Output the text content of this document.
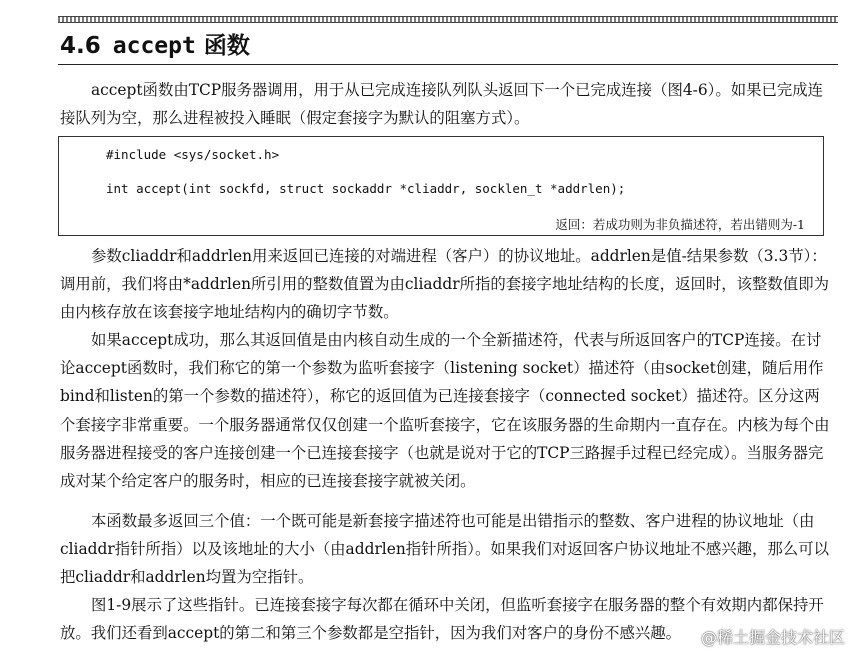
4.6 accept 函数

accept函数由TCP服务器调用，用于从已完成连接队列队头返回下一个已完成连接（图4-6）。如果已完成连接队列为空，那么进程被投入睡眠（假定套接字为默认的阻塞方式）。

#include <sys/socket.h>
int accept(int sockfd, struct sockaddr *cliaddr, socklen_t *addrlen);
返回：若成功则为非负描述符，若出错则为-1

参数cliaddr和addrlen用来返回已连接的对端进程（客户）的协议地址。addrlen是值-结果参数（3.3节）：调用前，我们将由*addrlen所引用的整数值置为由cliaddr所指的套接字地址结构的长度，返回时，该整数值即为由内核存放在该套接字地址结构内的确切字节数。

如果accept成功，那么其返回值是由内核自动生成的一个全新描述符，代表与所返回客户的TCP连接。在讨论accept函数时，我们称它的第一个参数为监听套接字（listening socket）描述符（由socket创建，随后用作bind和listen的第一个参数的描述符），称它的返回值为已连接套接字（connected socket）描述符。区分这两个套接字非常重要。一个服务器通常仅仅创建一个监听套接字，它在该服务器的生命期内一直存在。内核为每个由服务器进程接受的客户连接创建一个已连接套接字（也就是说对于它的TCP三路握手过程已经完成）。当服务器完成对某个给定客户的服务时，相应的已连接套接字就被关闭。

本函数最多返回三个值：一个既可能是新套接字描述符也可能是出错指示的整数、客户进程的协议地址（由cliaddr指针所指）以及该地址的大小（由addrlen指针所指）。如果我们对返回客户协议地址不感兴趣，那么可以把cliaddr和addrlen均置为空指针。

图1-9展示了这些指针。已连接套接字每次都在循环中关闭，但监听套接字在服务器的整个有效期内都保持开放。我们还看到accept的第二和第三个参数都是空指针，因为我们对客户的身份不感兴趣。	@稀土掘金技术社区
